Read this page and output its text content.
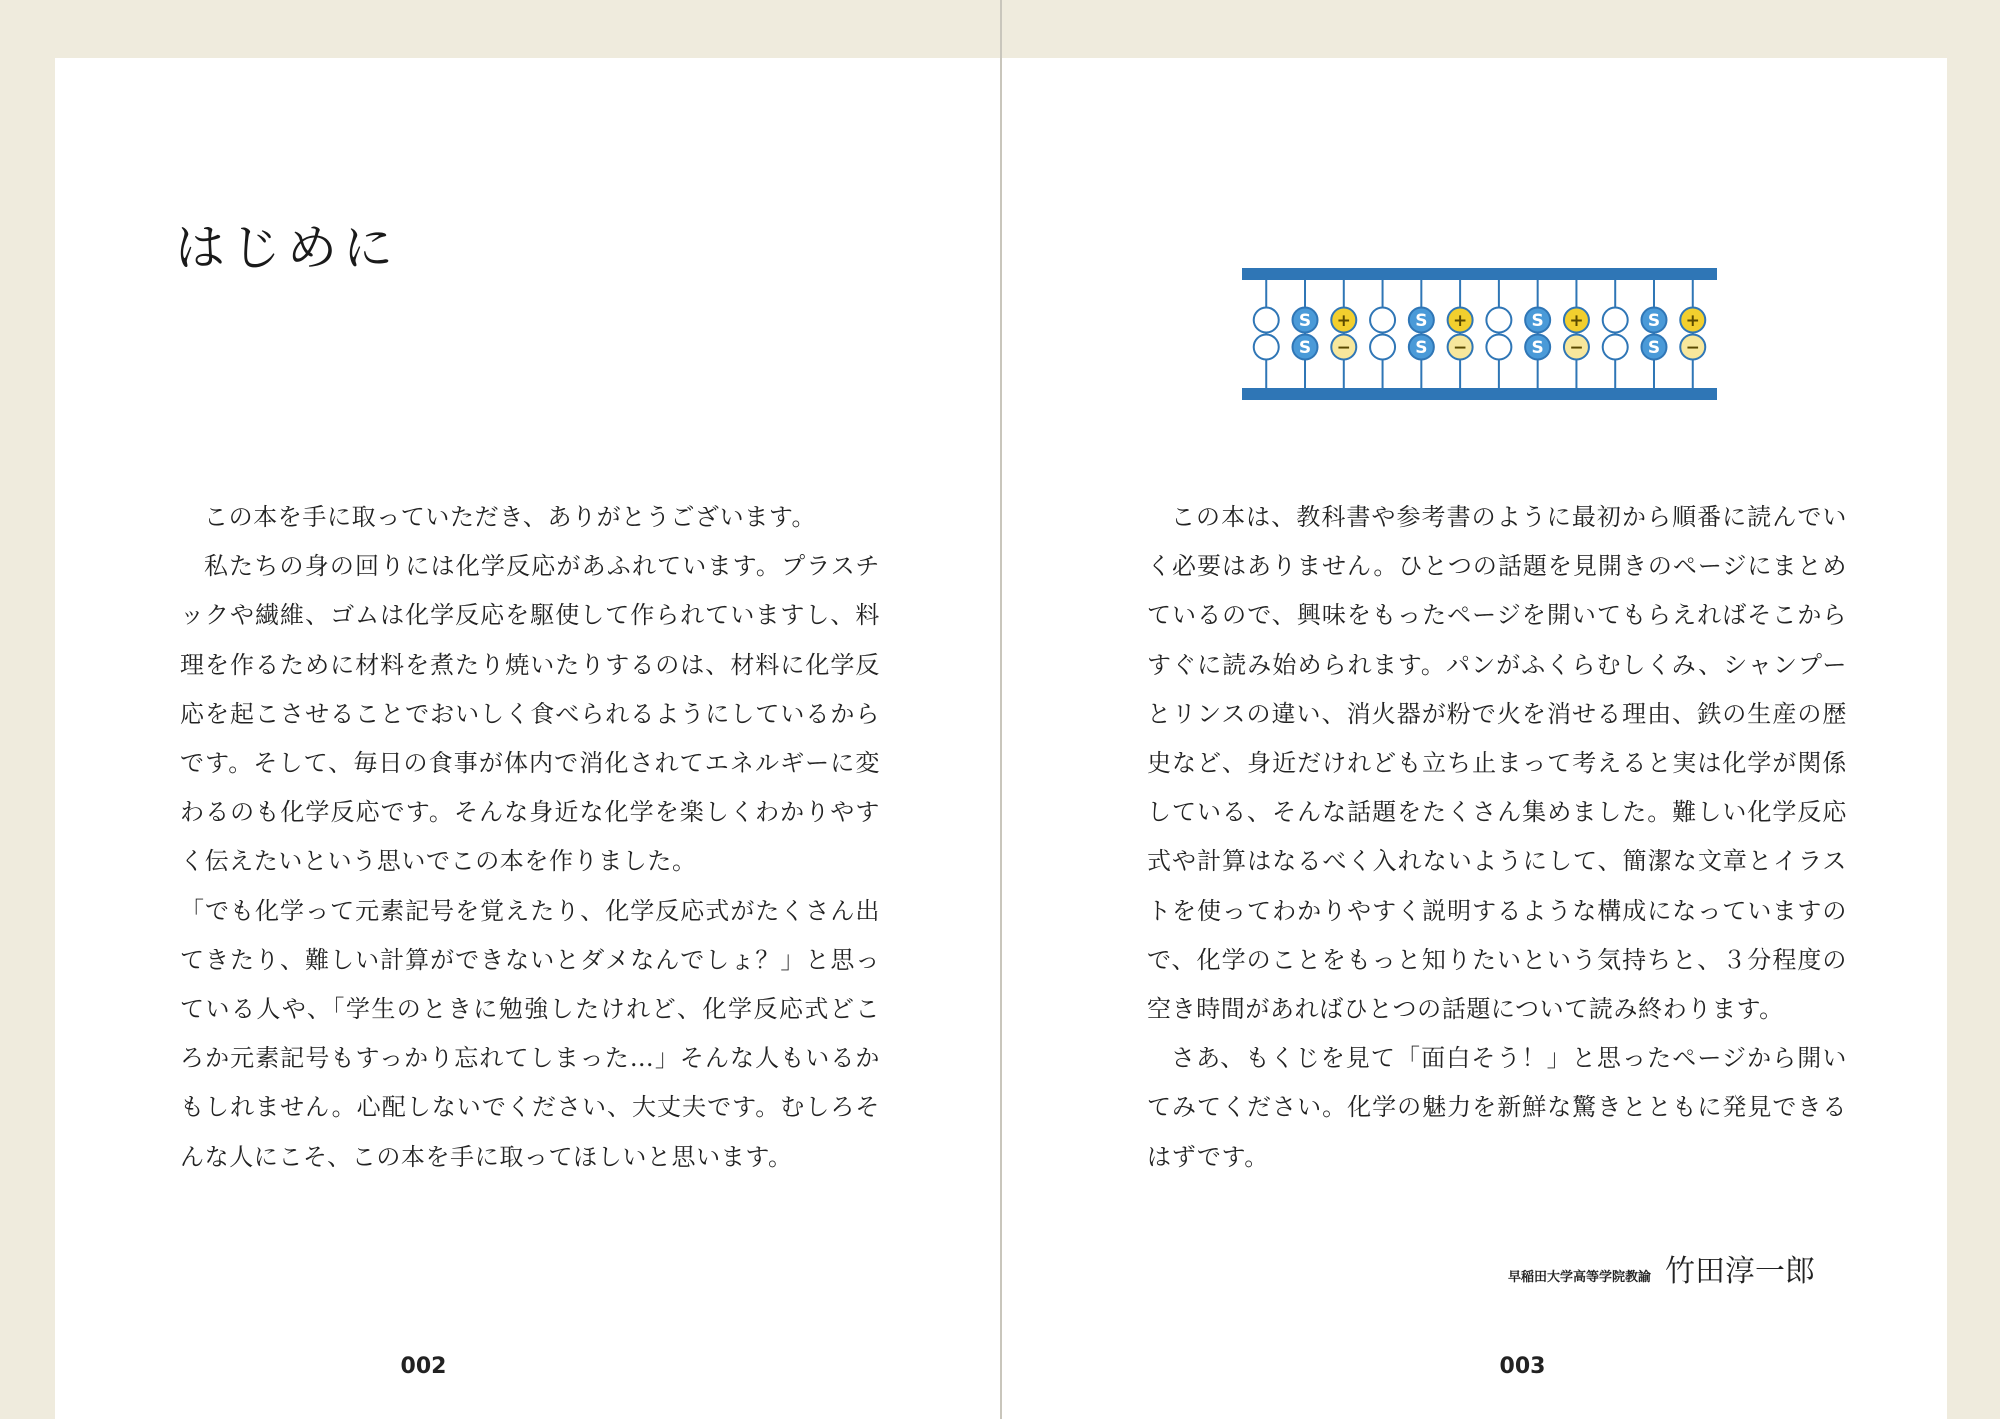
はじめに

この本を手に取っていただき、ありがとうございます。

私たちの身の回りには化学反応があふれています。プラスチックや繊維、ゴムは化学反応を駆使して作られていますし、料理を作るために材料を煮たり焼いたりするのは、材料に化学反応を起こさせることでおいしく食べられるようにしているからです。そして、毎日の食事が体内で消化されてエネルギーに変わるのも化学反応です。そんな身近な化学を楽しくわかりやすく伝えたいという思いでこの本を作りました。

「でも化学って元素記号を覚えたり、化学反応式がたくさん出てきたり、難しい計算ができないとダメなんでしょ？」と思っている人や、「学生のときに勉強したけれど、化学反応式どころか元素記号もすっかり忘れてしまった…」そんな人もいるかもしれません。心配しないでください、大丈夫です。むしろそんな人にこそ、この本を手に取ってほしいと思います。

002
S
S
+
−
S
S
+
−
S
S
+
−
S
S
+
−

この本は、教科書や参考書のように最初から順番に読んでいく必要はありません。ひとつの話題を見開きのページにまとめているので、興味をもったページを開いてもらえればそこからすぐに読み始められます。パンがふくらむしくみ、シャンプーとリンスの違い、消火器が粉で火を消せる理由、鉄の生産の歴史など、身近だけれども立ち止まって考えると実は化学が関係している、そんな話題をたくさん集めました。難しい化学反応式や計算はなるべく入れないようにして、簡潔な文章とイラストを使ってわかりやすく説明するような構成になっていますので、化学のことをもっと知りたいという気持ちと、３分程度の空き時間があればひとつの話題について読み終わります。

さあ、もくじを見て「面白そう！」と思ったページから開いてみてください。化学の魅力を新鮮な驚きとともに発見できるはずです。

早稲田大学高等学院教諭 竹田淳一郎
003
